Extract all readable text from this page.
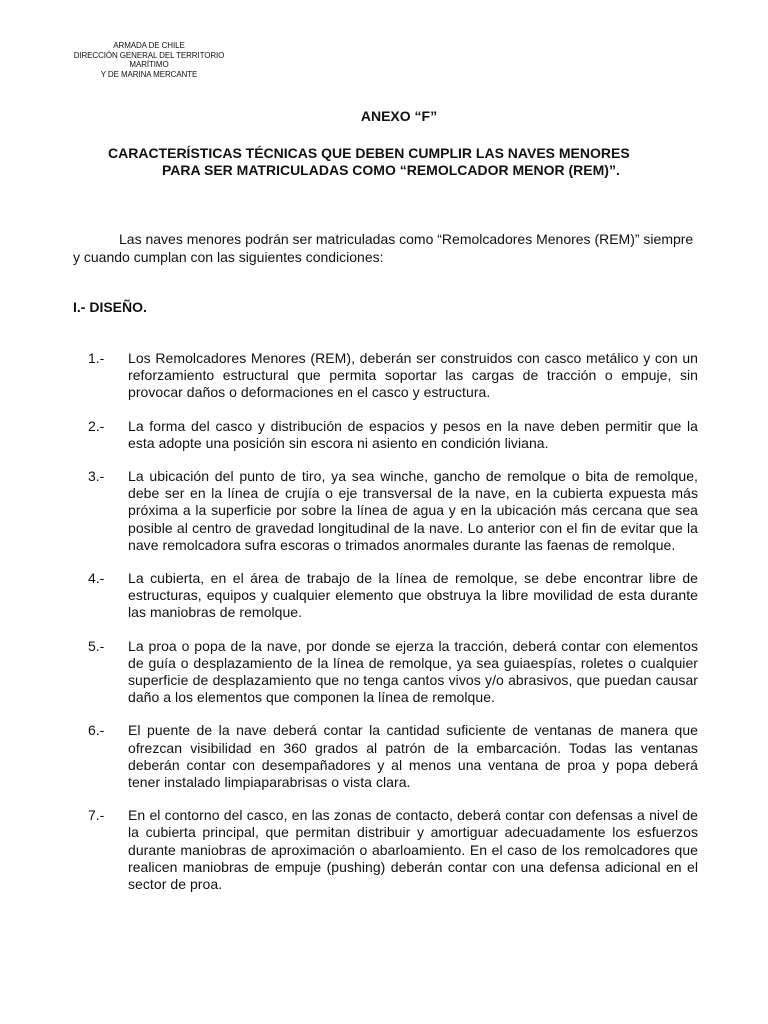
ARMADA DE CHILE
DIRECCIÓN GENERAL DEL TERRITORIO
MARÍTIMO
Y DE MARINA MERCANTE
ANEXO “F”
CARACTERÍSTICAS TÉCNICAS QUE DEBEN CUMPLIR LAS NAVES MENORES
PARA SER MATRICULADAS COMO “REMOLCADOR MENOR (REM)”.

Las naves menores podrán ser matriculadas como “Remolcadores Menores (REM)” siempre y cuando cumplan con las siguientes condiciones:

I.- DISEÑO.
1.-	Los Remolcadores Menores (REM), deberán ser construidos con casco metálico y con un reforzamiento estructural que permita soportar las cargas de tracción o empuje, sin provocar daños o deformaciones en el casco y estructura.
2.-	La forma del casco y distribución de espacios y pesos en la nave deben permitir que la esta adopte una posición sin escora ni asiento en condición liviana.
3.-	La ubicación del punto de tiro, ya sea winche, gancho de remolque o bita de remolque, debe ser en la línea de crujía o eje transversal de la nave, en la cubierta expuesta más próxima a la superficie por sobre la línea de agua y en la ubicación más cercana que sea posible al centro de gravedad longitudinal de la nave. Lo anterior con el fin de evitar que la nave remolcadora sufra escoras o trimados anormales durante las faenas de remolque.
4.-	La cubierta, en el área de trabajo de la línea de remolque, se debe encontrar libre de estructuras, equipos y cualquier elemento que obstruya la libre movilidad de esta durante las maniobras de remolque.
5.-	La proa o popa de la nave, por donde se ejerza la tracción, deberá contar con elementos de guía o desplazamiento de la línea de remolque, ya sea guiaespías, roletes o cualquier superficie de desplazamiento que no tenga cantos vivos y/o abrasivos, que puedan causar daño a los elementos que componen la línea de remolque.
6.-	El puente de la nave deberá contar la cantidad suficiente de ventanas de manera que ofrezcan visibilidad en 360 grados al patrón de la embarcación. Todas las ventanas deberán contar con desempañadores y al menos una ventana de proa y popa deberá tener instalado limpiaparabrisas o vista clara.
7.-	En el contorno del casco, en las zonas de contacto, deberá contar con defensas a nivel de la cubierta principal, que permitan distribuir y amortiguar adecuadamente los esfuerzos durante maniobras de aproximación o abarloamiento. En el caso de los remolcadores que realicen maniobras de empuje (pushing) deberán contar con una defensa adicional en el sector de proa.
